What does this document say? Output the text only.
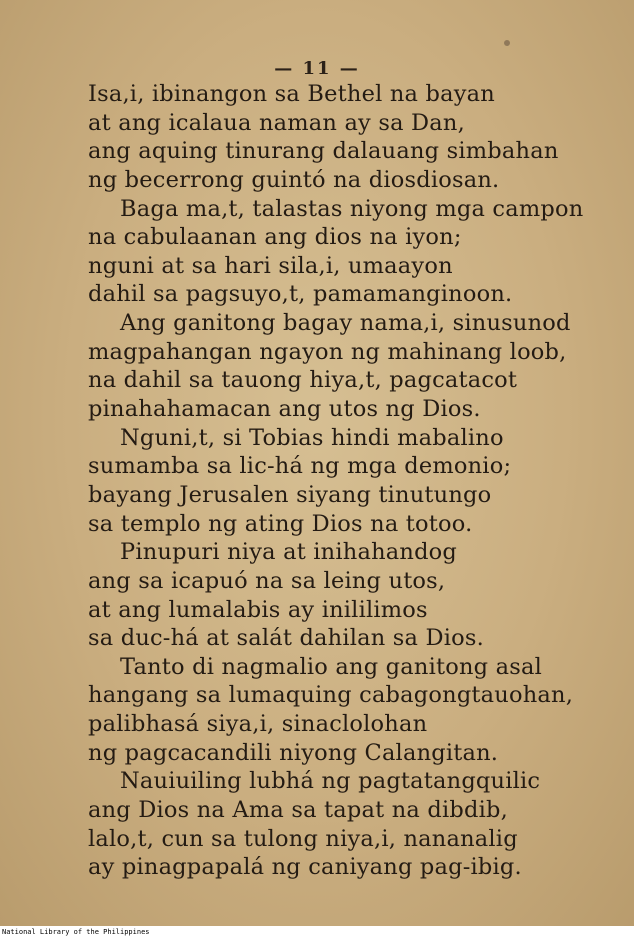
— 11 —
Isa,i, ibinangon sa Bethel na bayan
at ang icalaua naman ay sa Dan,
ang aquing tinurang dalauang simbahan
ng becerrong guintó na diosdiosan.
Baga ma,t, talastas niyong mga campon
na cabulaanan ang dios na iyon;
nguni at sa hari sila,i, umaayon
dahil sa pagsuyo,t, pamamanginoon.
Ang ganitong bagay nama,i, sinusunod
magpahangan ngayon ng mahinang loob,
na dahil sa tauong hiya,t, pagcatacot
pinahahamacan ang utos ng Dios.
Nguni,t, si Tobias hindi mabalino
sumamba sa lic-há ng mga demonio;
bayang Jerusalen siyang tinutungo
sa templo ng ating Dios na totoo.
Pinupuri niya at inihahandog
ang sa icapuó na sa leing utos,
at ang lumalabis ay inililimos
sa duc-há at salát dahilan sa Dios.
Tanto di nagmalio ang ganitong asal
hangang sa lumaquing cabagongtauohan,
palibhasá siya,i, sinaclolohan
ng pagcacandili niyong Calangitan.
Nauiuiling lubhá ng pagtatangquilic
ang Dios na Ama sa tapat na dibdib,
lalo,t, cun sa tulong niya,i, nananalig
ay pinagpapalá ng caniyang pag-ibig.
National Library of the Philippines
